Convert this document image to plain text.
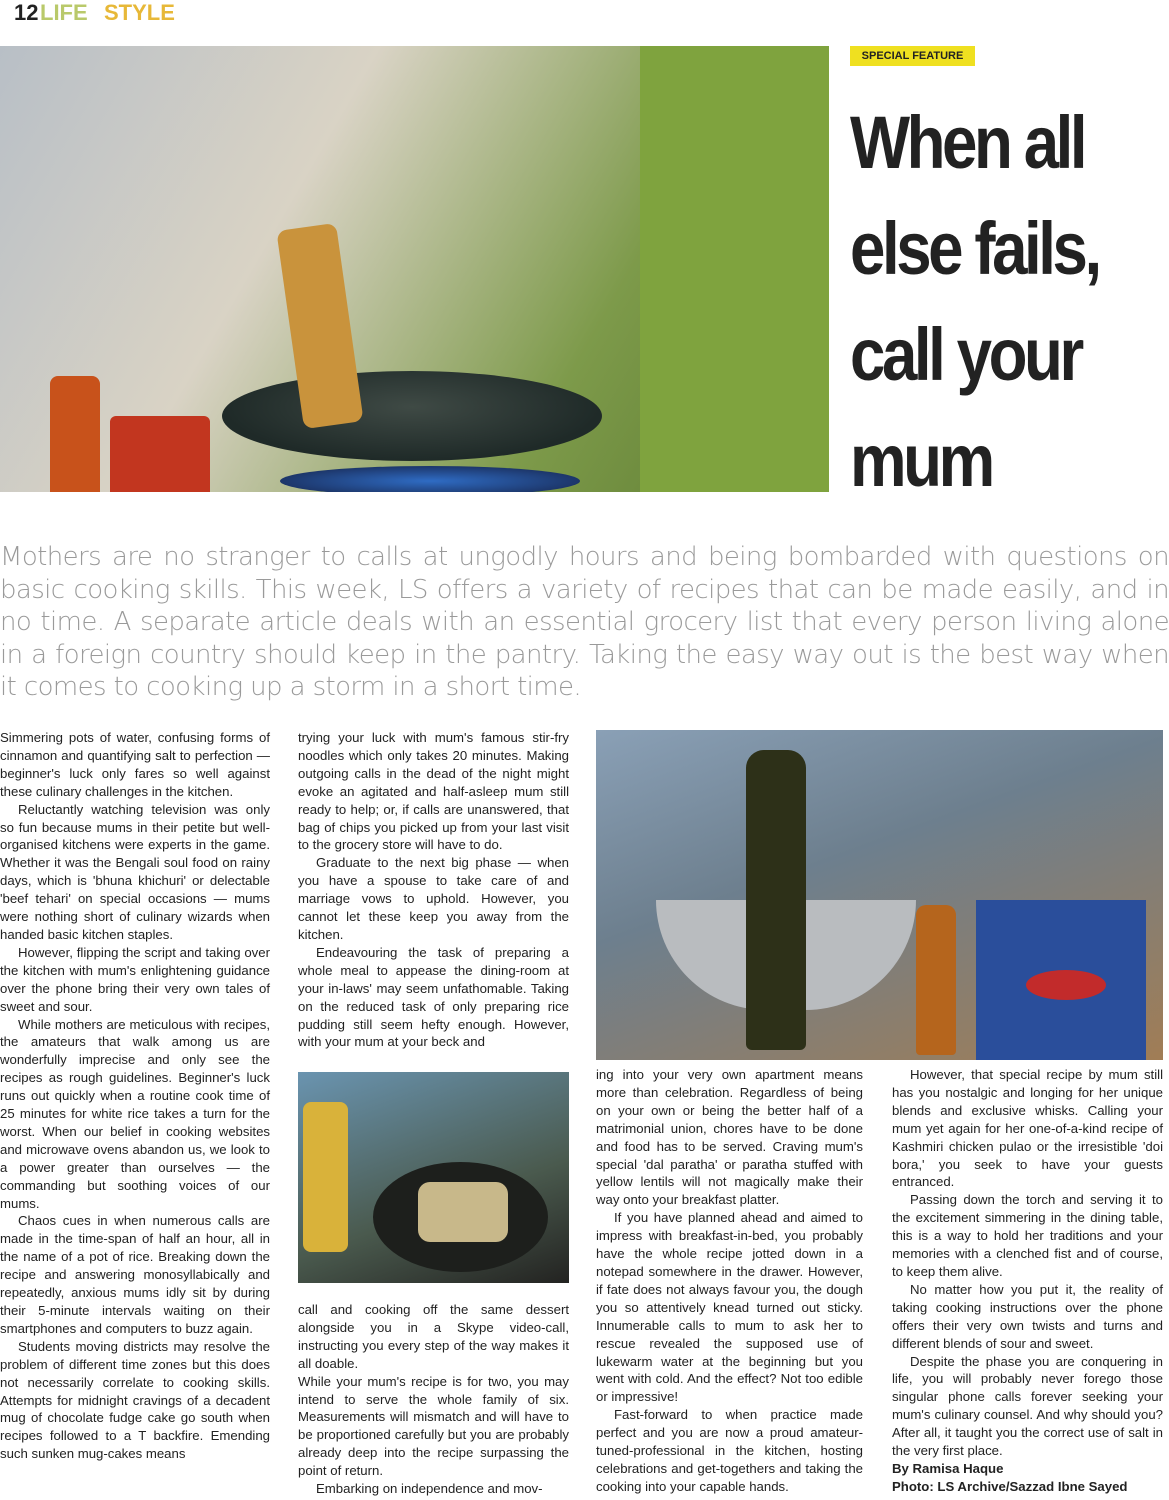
12 LIFE STYLE
SPECIAL FEATURE
When all else fails, call your mum
Mothers are no stranger to calls at ungodly hours and being bombarded with questions on basic cooking skills. This week, LS offers a variety of recipes that can be made easily, and in no time. A separate article deals with an essential grocery list that every person living alone in a foreign country should keep in the pantry. Taking the easy way out is the best way when it comes to cooking up a storm in a short time.

Simmering pots of water, confusing forms of cinnamon and quantifying salt to perfection — beginner's luck only fares so well against these culinary challenges in the kitchen.

Reluctantly watching television was only so fun because mums in their petite but well-organised kitchens were experts in the game. Whether it was the Bengali soul food on rainy days, which is 'bhuna khichuri' or delectable 'beef tehari' on special occasions — mums were nothing short of culinary wizards when handed basic kitchen staples.

However, flipping the script and taking over the kitchen with mum's enlightening guidance over the phone bring their very own tales of sweet and sour.

While mothers are meticulous with recipes, the amateurs that walk among us are wonderfully imprecise and only see the recipes as rough guidelines. Beginner's luck runs out quickly when a routine cook time of 25 minutes for white rice takes a turn for the worst. When our belief in cooking websites and microwave ovens abandon us, we look to a power greater than ourselves — the commanding but soothing voices of our mums.

Chaos cues in when numerous calls are made in the time-span of half an hour, all in the name of a pot of rice. Breaking down the recipe and answering monosyllabically and repeatedly, anxious mums idly sit by during their 5-minute intervals waiting on their smartphones and computers to buzz again.

Students moving districts may resolve the problem of different time zones but this does not necessarily correlate to cooking skills. Attempts for midnight cravings of a decadent mug of chocolate fudge cake go south when recipes followed to a T backfire. Emending such sunken mug-cakes means

trying your luck with mum's famous stir-fry noodles which only takes 20 minutes. Making outgoing calls in the dead of the night might evoke an agitated and half-asleep mum still ready to help; or, if calls are unanswered, that bag of chips you picked up from your last visit to the grocery store will have to do.

Graduate to the next big phase — when you have a spouse to take care of and marriage vows to uphold. However, you cannot let these keep you away from the kitchen.

Endeavouring the task of preparing a whole meal to appease the dining-room at your in-laws' may seem unfathomable. Taking on the reduced task of only preparing rice pudding still seem hefty enough. However, with your mum at your beck and

call and cooking off the same dessert alongside you in a Skype video-call, instructing you every step of the way makes it all doable.

While your mum's recipe is for two, you may intend to serve the whole family of six. Measurements will mismatch and will have to be proportioned carefully but you are probably already deep into the recipe surpassing the point of return.

Embarking on independence and mov-

ing into your very own apartment means more than celebration. Regardless of being on your own or being the better half of a matrimonial union, chores have to be done and food has to be served. Craving mum's special 'dal paratha' or paratha stuffed with yellow lentils will not magically make their way onto your breakfast platter.

If you have planned ahead and aimed to impress with breakfast-in-bed, you probably have the whole recipe jotted down in a notepad somewhere in the drawer. However, if fate does not always favour you, the dough you so attentively knead turned out sticky. Innumerable calls to mum to ask her to rescue revealed the supposed use of lukewarm water at the beginning but you went with cold. And the effect? Not too edible or impressive!

Fast-forward to when practice made perfect and you are now a proud amateur-tuned-professional in the kitchen, hosting celebrations and get-togethers and taking the cooking into your capable hands.

However, that special recipe by mum still has you nostalgic and longing for her unique blends and exclusive whisks. Calling your mum yet again for her one-of-a-kind recipe of Kashmiri chicken pulao or the irresistible 'doi bora,' you seek to have your guests entranced.

Passing down the torch and serving it to the excitement simmering in the dining table, this is a way to hold her traditions and your memories with a clenched fist and of course, to keep them alive.

No matter how you put it, the reality of taking cooking instructions over the phone offers their very own twists and turns and different blends of sour and sweet.

Despite the phase you are conquering in life, you will probably never forego those singular phone calls forever seeking your mum's culinary counsel. And why should you? After all, it taught you the correct use of salt in the very first place.

By Ramisa Haque

Photo: LS Archive/Sazzad Ibne Sayed
